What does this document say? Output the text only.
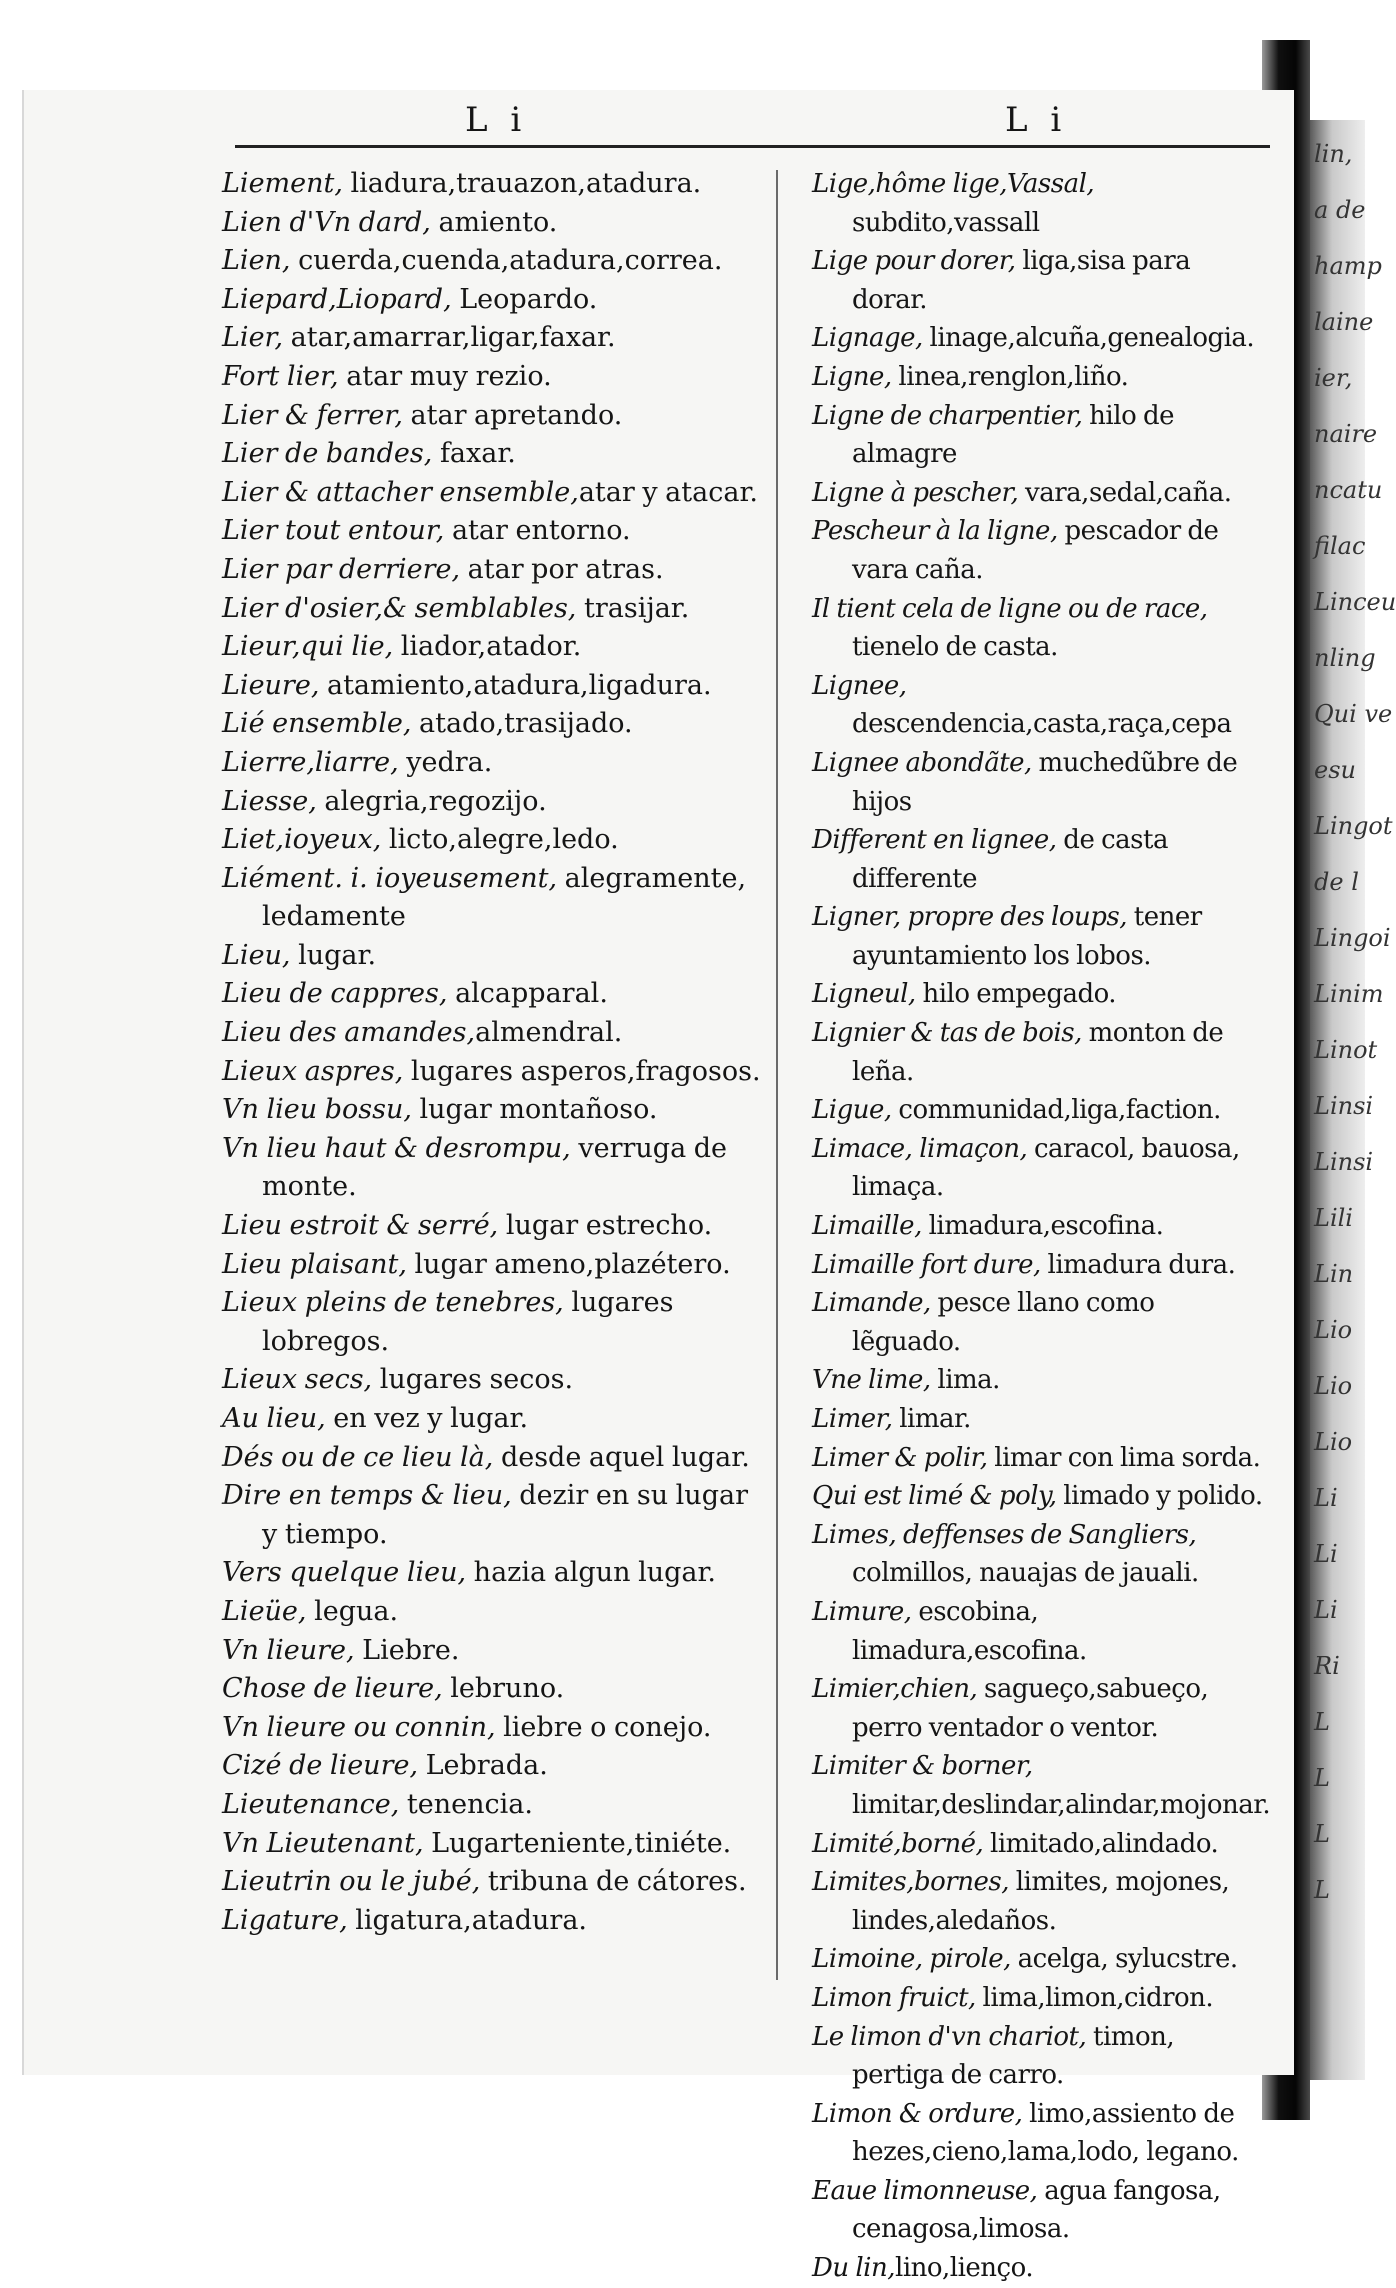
lin,
a de
hamp
laine
ier,
naire
ncatu
filac
Linceu
nling
Qui ve
esu
Lingot
de l
Lingoi
Linim
Linot
Linsi
Linsi
Lili
Lin
Lio
Lio
Lio
Li
Li
Li
Ri
L
L
L
L
L i	L i
Liement, liadura,trauazon,atadura.
Lien d'Vn dard, amiento.
Lien, cuerda,cuenda,atadura,correa.
Liepard,Liopard, Leopardo.
Lier, atar,amarrar,ligar,faxar.
Fort lier, atar muy rezio.
Lier & ferrer, atar apretando.
Lier de bandes, faxar.
Lier & attacher ensemble,atar y atacar.
Lier tout entour, atar entorno.
Lier par derriere, atar por atras.
Lier d'osier,& semblables, trasijar.
Lieur,qui lie, liador,atador.
Lieure, atamiento,atadura,ligadura.
Lié ensemble, atado,trasijado.
Lierre,liarre, yedra.
Liesse, alegria,regozijo.
Liet,ioyeux, licto,alegre,ledo.
Liément. i. ioyeusement, alegramente, ledamente
Lieu, lugar.
Lieu de cappres, alcapparal.
Lieu des amandes,almendral.
Lieux aspres, lugares asperos,fragosos.
Vn lieu bossu, lugar montañoso.
Vn lieu haut & desrompu, verruga de monte.
Lieu estroit & serré, lugar estrecho.
Lieu plaisant, lugar ameno,plazétero.
Lieux pleins de tenebres, lugares lobregos.
Lieux secs, lugares secos.
Au lieu, en vez y lugar.
Dés ou de ce lieu là, desde aquel lugar.
Dire en temps & lieu, dezir en su lugar y tiempo.
Vers quelque lieu, hazia algun lugar.
Lieüe, legua.
Vn lieure, Liebre.
Chose de lieure, lebruno.
Vn lieure ou connin, liebre o conejo.
Cizé de lieure, Lebrada.
Lieutenance, tenencia.
Vn Lieutenant, Lugarteniente,tiniéte.
Lieutrin ou le jubé, tribuna de cátores.
Ligature, ligatura,atadura.
Lige,hôme lige,Vassal, subdito,vassall
Lige pour dorer, liga,sisa para dorar.
Lignage, linage,alcuña,genealogia.
Ligne, linea,renglon,liño.
Ligne de charpentier, hilo de almagre
Ligne à pescher, vara,sedal,caña.
Pescheur à la ligne, pescador de vara caña.
Il tient cela de ligne ou de race, tienelo de casta.
Lignee, descendencia,casta,raça,cepa
Lignee abondãte, muchedũbre de hijos
Different en lignee, de casta differente
Ligner, propre des loups, tener ayuntamiento los lobos.
Ligneul, hilo empegado.
Lignier & tas de bois, monton de leña.
Ligue, communidad,liga,faction.
Limace, limaçon, caracol, bauosa, limaça.
Limaille, limadura,escofina.
Limaille fort dure, limadura dura.
Limande, pesce llano como lẽguado.
Vne lime, lima.
Limer, limar.
Limer & polir, limar con lima sorda.
Qui est limé & poly, limado y polido.
Limes, deffenses de Sangliers, colmillos, nauajas de jauali.
Limure, escobina, limadura,escofina.
Limier,chien, sagueço,sabueço, perro ventador o ventor.
Limiter & borner, limitar,deslindar,alindar,mojonar.
Limité,borné, limitado,alindado.
Limites,bornes, limites, mojones, lindes,aledaños.
Limoine, pirole, acelga, sylucstre.
Limon fruict, lima,limon,cidron.
Le limon d'vn chariot, timon, pertiga de carro.
Limon & ordure, limo,assiento de hezes,cieno,lama,lodo, legano.
Eaue limonneuse, agua fangosa, cenagosa,limosa.
Du lin,lino,lienço.
